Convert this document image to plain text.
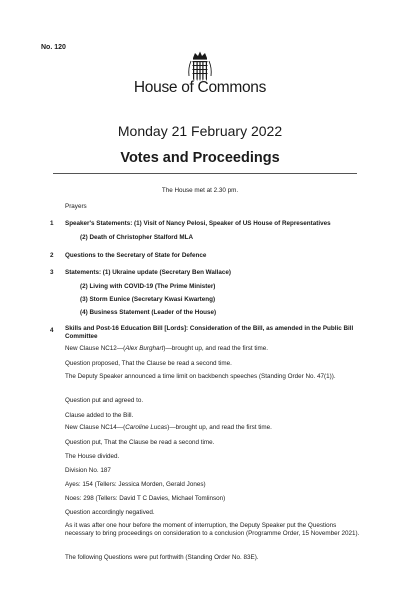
No. 120
House of Commons
Monday 21 February 2022
Votes and Proceedings
The House met at 2.30 pm.
Prayers
1 Speaker's Statements: (1) Visit of Nancy Pelosi, Speaker of US House of Representatives
(2) Death of Christopher Stalford MLA
2 Questions to the Secretary of State for Defence
3 Statements: (1) Ukraine update (Secretary Ben Wallace)
(2) Living with COVID-19 (The Prime Minister)
(3) Storm Eunice (Secretary Kwasi Kwarteng)
(4) Business Statement (Leader of the House)
4 Skills and Post-16 Education Bill [Lords]: Consideration of the Bill, as amended in the Public Bill Committee
New Clause NC12—(Alex Burghart)—brought up, and read the first time.
Question proposed, That the Clause be read a second time.
The Deputy Speaker announced a time limit on backbench speeches (Standing Order No. 47(1)).
Question put and agreed to.
Clause added to the Bill.
New Clause NC14—(Caroline Lucas)—brought up, and read the first time.
Question put, That the Clause be read a second time.
The House divided.
Division No. 187
Ayes: 154 (Tellers: Jessica Morden, Gerald Jones)
Noes: 298 (Tellers: David T C Davies, Michael Tomlinson)
Question accordingly negatived.
As it was after one hour before the moment of interruption, the Deputy Speaker put the Questions necessary to bring proceedings on consideration to a conclusion (Programme Order, 15 November 2021).
The following Questions were put forthwith (Standing Order No. 83E).
